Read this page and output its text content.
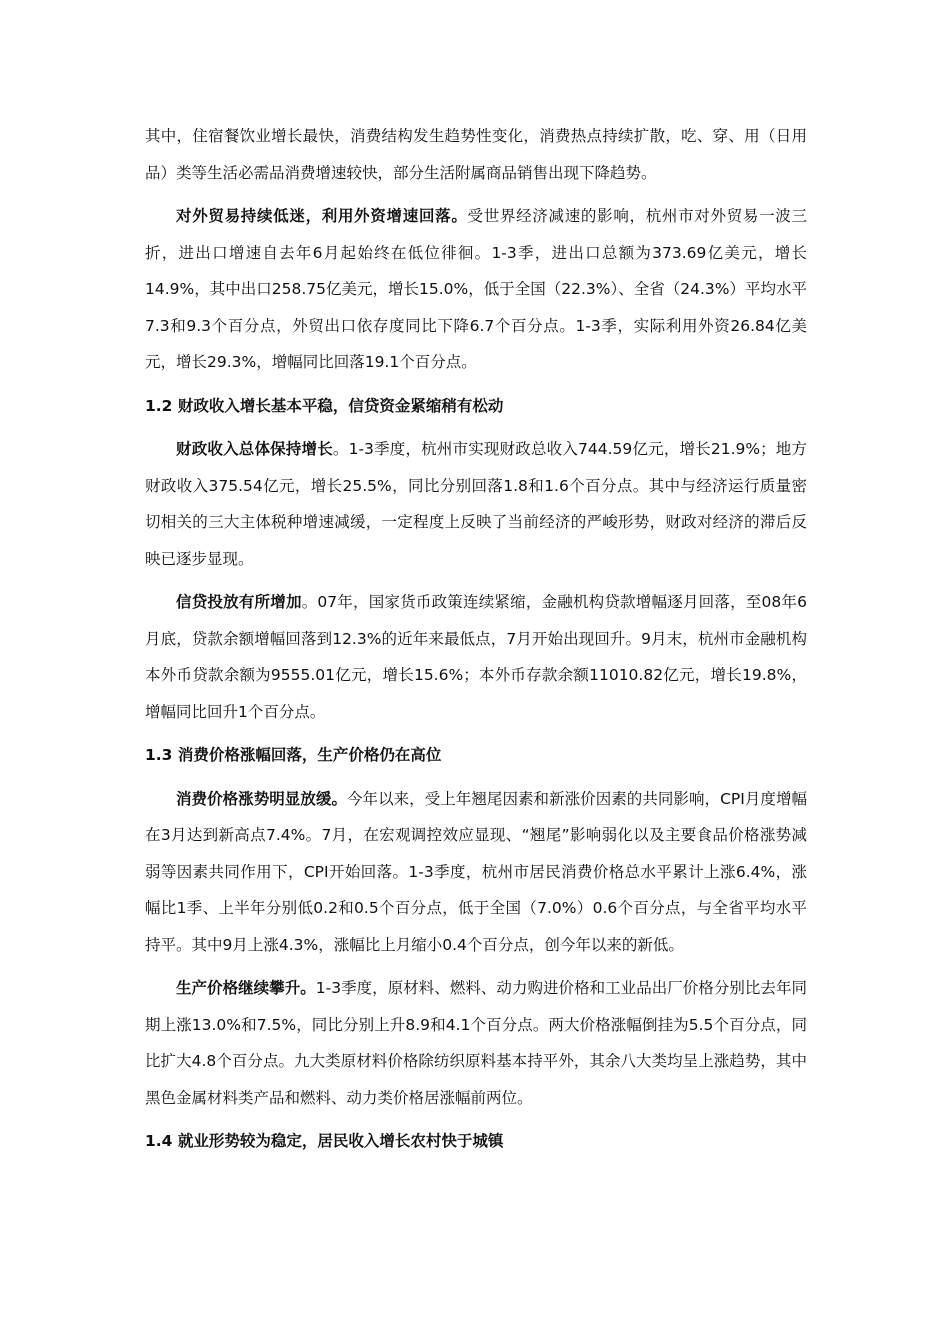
其中，住宿餐饮业增长最快，消费结构发生趋势性变化，消费热点持续扩散，吃、穿、用（日用品）类等生活必需品消费增速较快，部分生活附属商品销售出现下降趋势。

对外贸易持续低迷，利用外资增速回落。受世界经济减速的影响，杭州市对外贸易一波三折，进出口增速自去年6月起始终在低位徘徊。1-3季，进出口总额为373.69亿美元，增长14.9%，其中出口258.75亿美元，增长15.0%，低于全国（22.3%）、全省（24.3%）平均水平7.3和9.3个百分点，外贸出口依存度同比下降6.7个百分点。1-3季，实际利用外资26.84亿美元，增长29.3%，增幅同比回落19.1个百分点。

1.2 财政收入增长基本平稳，信贷资金紧缩稍有松动

财政收入总体保持增长。1-3季度，杭州市实现财政总收入744.59亿元，增长21.9%；地方财政收入375.54亿元，增长25.5%，同比分别回落1.8和1.6个百分点。其中与经济运行质量密切相关的三大主体税种增速减缓，一定程度上反映了当前经济的严峻形势，财政对经济的滞后反映已逐步显现。

信贷投放有所增加。07年，国家货币政策连续紧缩，金融机构贷款增幅逐月回落，至08年6月底，贷款余额增幅回落到12.3%的近年来最低点，7月开始出现回升。9月末，杭州市金融机构本外币贷款余额为9555.01亿元，增长15.6%；本外币存款余额11010.82亿元，增长19.8%，增幅同比回升1个百分点。

1.3 消费价格涨幅回落，生产价格仍在高位

消费价格涨势明显放缓。今年以来，受上年翘尾因素和新涨价因素的共同影响，CPI月度增幅在3月达到新高点7.4%。7月，在宏观调控效应显现、“翘尾”影响弱化以及主要食品价格涨势减弱等因素共同作用下，CPI开始回落。1-3季度，杭州市居民消费价格总水平累计上涨6.4%，涨幅比1季、上半年分别低0.2和0.5个百分点，低于全国（7.0%）0.6个百分点，与全省平均水平持平。其中9月上涨4.3%，涨幅比上月缩小0.4个百分点，创今年以来的新低。

生产价格继续攀升。1-3季度，原材料、燃料、动力购进价格和工业品出厂价格分别比去年同期上涨13.0%和7.5%，同比分别上升8.9和4.1个百分点。两大价格涨幅倒挂为5.5个百分点，同比扩大4.8个百分点。九大类原材料价格除纺织原料基本持平外，其余八大类均呈上涨趋势，其中黑色金属材料类产品和燃料、动力类价格居涨幅前两位。

1.4 就业形势较为稳定，居民收入增长农村快于城镇
